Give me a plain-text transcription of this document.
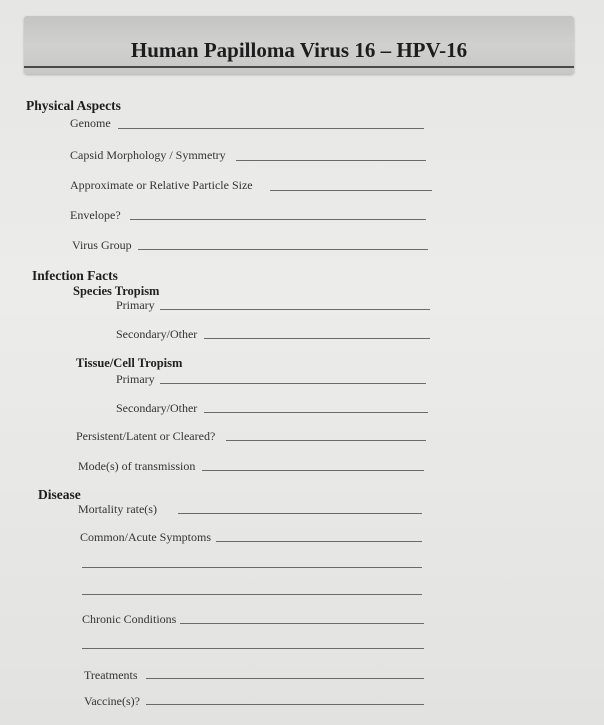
Human Papilloma Virus 16 – HPV-16
Physical Aspects
Genome
Capsid Morphology / Symmetry
Approximate or Relative Particle Size
Envelope?
Virus Group
Infection Facts
Species Tropism
Primary
Secondary/Other
Tissue/Cell Tropism
Primary
Secondary/Other
Persistent/Latent or Cleared?
Mode(s) of transmission
Disease
Mortality rate(s)
Common/Acute Symptoms
Chronic Conditions
Treatments
Vaccine(s)?
